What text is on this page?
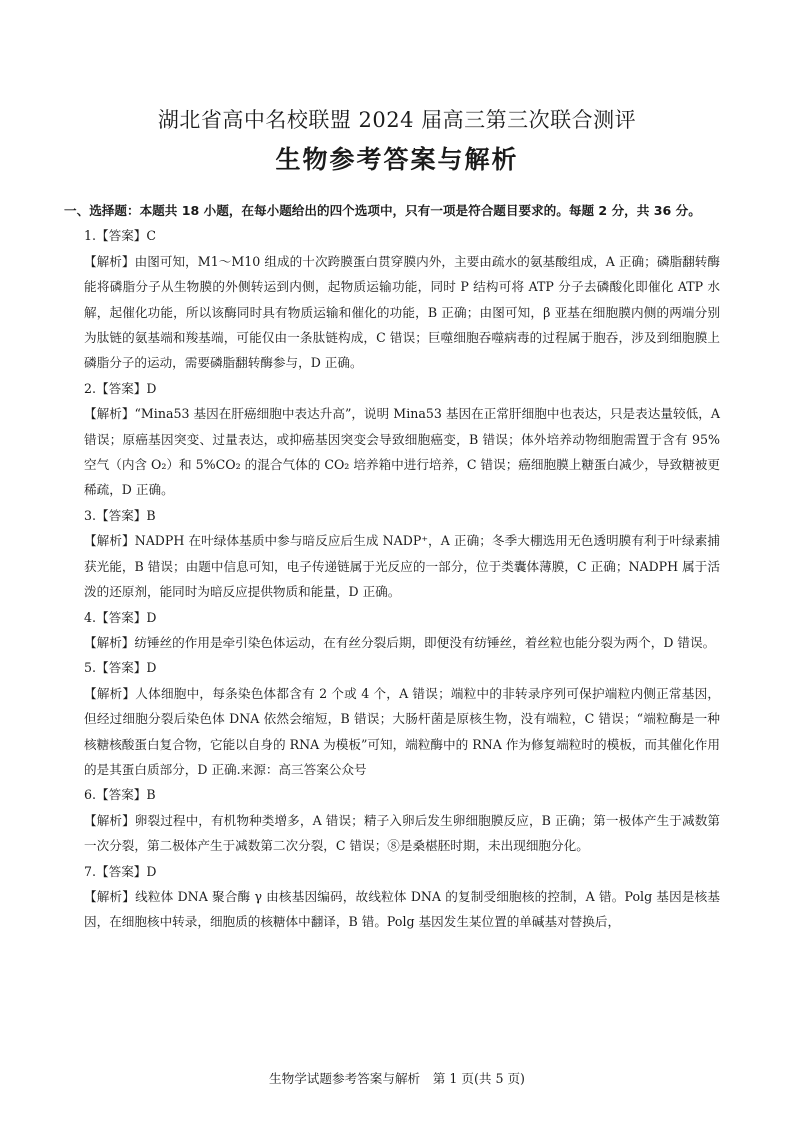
湖北省高中名校联盟 2024 届高三第三次联合测评
生物参考答案与解析
一、选择题：本题共 18 小题，在每小题给出的四个选项中，只有一项是符合题目要求的。每题 2 分，共 36 分。
1.【答案】C
【解析】由图可知，M1～M10 组成的十次跨膜蛋白贯穿膜内外，主要由疏水的氨基酸组成，A 正确；磷脂翻转酶能将磷脂分子从生物膜的外侧转运到内侧，起物质运输功能，同时 P 结构可将 ATP 分子去磷酸化即催化 ATP 水解，起催化功能，所以该酶同时具有物质运输和催化的功能，B 正确；由图可知，β 亚基在细胞膜内侧的两端分别为肽链的氨基端和羧基端，可能仅由一条肽链构成，C 错误；巨噬细胞吞噬病毒的过程属于胞吞，涉及到细胞膜上磷脂分子的运动，需要磷脂翻转酶参与，D 正确。
2.【答案】D
【解析】“Mina53 基因在肝癌细胞中表达升高”，说明 Mina53 基因在正常肝细胞中也表达，只是表达量较低，A 错误；原癌基因突变、过量表达，或抑癌基因突变会导致细胞癌变，B 错误；体外培养动物细胞需置于含有 95%空气（内含 O₂）和 5%CO₂ 的混合气体的 CO₂ 培养箱中进行培养，C 错误；癌细胞膜上糖蛋白减少，导致糖被更稀疏，D 正确。
3.【答案】B
【解析】NADPH 在叶绿体基质中参与暗反应后生成 NADP⁺，A 正确；冬季大棚选用无色透明膜有利于叶绿素捕获光能，B 错误；由题中信息可知，电子传递链属于光反应的一部分，位于类囊体薄膜，C 正确；NADPH 属于活泼的还原剂，能同时为暗反应提供物质和能量，D 正确。
4.【答案】D
【解析】纺锤丝的作用是牵引染色体运动，在有丝分裂后期，即便没有纺锤丝，着丝粒也能分裂为两个，D 错误。
5.【答案】D
【解析】人体细胞中，每条染色体都含有 2 个或 4 个，A 错误；端粒中的非转录序列可保护端粒内侧正常基因，但经过细胞分裂后染色体 DNA 依然会缩短，B 错误；大肠杆菌是原核生物，没有端粒，C 错误；“端粒酶是一种核糖核酸蛋白复合物，它能以自身的 RNA 为模板”可知，端粒酶中的 RNA 作为修复端粒时的模板，而其催化作用的是其蛋白质部分，D 正确.来源：高三答案公众号
6.【答案】B
【解析】卵裂过程中，有机物种类增多，A 错误；精子入卵后发生卵细胞膜反应，B 正确；第一极体产生于减数第一次分裂，第二极体产生于减数第二次分裂，C 错误；⑧是桑椹胚时期，未出现细胞分化。
7.【答案】D
【解析】线粒体 DNA 聚合酶 γ 由核基因编码，故线粒体 DNA 的复制受细胞核的控制，A 错。Polg 基因是核基因，在细胞核中转录，细胞质的核糖体中翻译，B 错。Polg 基因发生某位置的单碱基对替换后，
生物学试题参考答案与解析　第 1 页(共 5 页)
